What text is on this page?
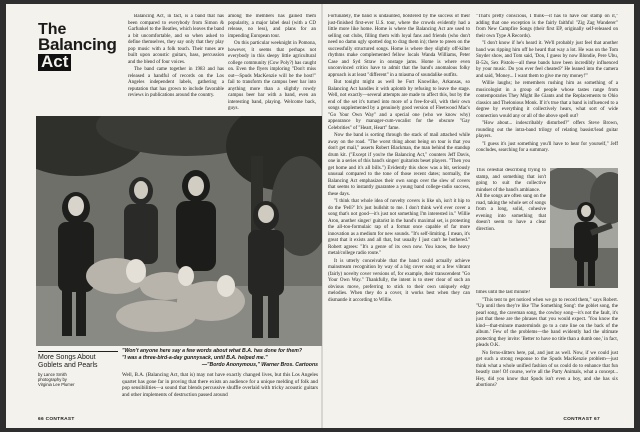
The
Balancing
Act

Balancing Act, in fact, is a band that has been compared to everybody from Simon & Garfunkel to the Beatles, which leaves the band a bit uncomfortable, and so when asked to define themselves, they say only that they play pop music with a folk touch. Their tunes are built upon acoustic guitars, bass, percussion and the blend of four voices.

The band came together in 1983 and has released a handful of records on the Los Angeles independent labels, gathering a reputation that has grown to include favorable reviews in publications around the country.

among the members has gained them popularity, a major label deal (with a CD release, no less), and plans for an impending European tour.

On this particular weeknight in Pomona, however, it seems that perhaps not everybody in this sleepy little agricultural college community (Cow Poly?) has caught on. Even the flyers imploring "Don't miss out—Spuds MacKenzie will be the host!" fail to transform the campus beer bar into anything more than a slightly rowdy campus beer bar with a band, even an interesting band, playing. Welcome back, guys.

More Songs About Goblets and Pearls
by Lance Smith
photography by
Virginia Lee Plumer
"Won't anyone here say a few words about what B.A. has done for them?
"I was a three-bird-a-day gunnysack, until B.A. helped me."
—"Bordo Anonymous," Warner Bros. Cartoons

Well, B.A. (Balancing Act, that is) may not have exactly changed lives, but this Los Angeles quartet has gone far in proving that there exists an audience for a unique melding of folk and pop sensibilities—a sound that blends percussive shuffle overlaid with tricky acoustic guitars and other implements of destruction passed around

66 CONTRAST	CONTRAST 67

Fortunately, the band is undaunted, bolstered by the success of their just-finished first-ever U.S. tour, where the crowds evidently had a little more like home. Home is where the Balancing Act are used to selling out clubs, filling them with loyal fans and friends (who don't need no damn ugly spotted dog to drag them in); there to preen on the successfully structured songs. Home is where they slightly off-kilter rhythms make complemented fellow locals Wanda Williams, Peter Case and Syd Straw in onstage jams. Home is where even unconvinced critics have to admit that the band's anomalous folky approach is at least "different" in a miasma of soundalike outfits.

But tonight might as well be Fort Knowlike, Arkansas, so Balancing Act handles it with aplomb by refusing to leave the stage. Well, not exactly—several attempts are made to affect this, but by the end of the set it's turned into more of a free-for-all, with their own songs supplemented by a genuinely good version of Fleetwood Mac's "Go Your Own Way" and a special one (who we know why) appearance by manager-cum-vocalist for the obscure "Gay Celebrities" of "Heart, Heart" fame.

Now the band is sorting through the stack of mail attached while away on the road. "The worst thing about being on tour is that you don't get mail," asserts Robert Blackman, the man behind the standup drum kit. ("Except if you're the Balancing Act," counters Jeff Davis, one in a series of this band's singer/ guitarists beset players. "Then you get home and it's all bills.") Evidently this show was a bit, seriously unusual compared to the tone of those recent dates; normally, the Balancing Act emphasizes their own songs over the slew of covers that seems to instantly guarantee a young band college-radio success, these days.

"I think that whole idea of novelty covers is like uh, isn't it hip to do the 'Pell?' It's just bullshit to me. I don't think we'd ever cover a song that's not good—it's just not something I'm interested in." Willie Aron, another singer/ guitarist in the band's maximal set, is protesting the all-too-formulaic rap of a format once capable of far more innovation as a medium for new sounds. "It's self-limiting. I mean, it's great that it exists and all that, but usually I just can't be bothered." Robert agrees: "It's a genre of its own now. You know, the heavy metal/college radio route."

It is utterly conceivable that the band could actually achieve mainstream recognition by way of a big cover song or a few vibrant (fairly) novelty cover versions of, for example, their transcendent "Go Your Own Way." Thankfully, the intent is to steer clear of such an obvious move, preferring to stick to their own uniquely edgy melodies. When they do a cover, it works best when they can dismantle it according to Willie.

"That's pretty conscious, I think—it has to have our stamp on it," adding that one exception is the fairly faithful "Zig Zag Wanderer" from New Campfire Songs (their first EP, originally self-released on their own Type A Records).

"I don't know if he's heard it. We'll probably just feel that another band was ripping him off he heard that way a lot. He was on the Tom Snyder show, and Tom said, 'Don, I guess by now Blondie, Pere Ubu, B-52s, Sex Pistols—all these bands have been incredibly influenced by your music. Do you ever feel cheated?' He leaned into the camera and said, 'Money... I want them to give me my money!'"

Willie laughs; he remembers rushing him as something of a musicologist in a group of people whose tastes range from contemporaries They Might Be Giants and the Replacements to Ohio classics and Thelonious Monk. If it's true that a band is influenced to a degree by everything it collectively hears, what sort of wide connection would any or all of the above spell out?

"How about... indescribably disturbed?" offers Steve Brown, rounding out the intra-band trilogy of relating bassist/lead guitar players.

"I guess it's just something you'll have to hear for yourself," Jeff concludes, searching for a summary.

This celestial describing trying to stamp, and something that isn't going to suit the collective mindset of the band's ambiance.

All the songs are often sung on the road, taking the whole set of songs from a long, solid, cohesive evening into something that doesn't seem to have a clear direction.

times until the last minute?

"This tent to get noticed when we go to record them," says Robert. "Up until then they're like 'The Something Song': the goblet song, the pearl song, the caveman song, the cowboy song—it's not the fault, it's just that these are the phrases that you would expect. 'You know the kind—that-minute masterminds go to a cute line on the back of the album.' Few of the problems—the band evidently had the ultimate protecting they invite: 'Better to have no title than a dumb one,' in fact, pleads O.K.

No ferns-slitters here, pal, and just as well. Now, if we could just get such a strong response to the Spuds MacKenzie problem—just think what a whole unified fashion of us could do to enhance that fun beastly rare! Of course, we're all the Party Animals, what a concept... Hey, did you know that Spuds isn't even a boy, and she has six abortions?
